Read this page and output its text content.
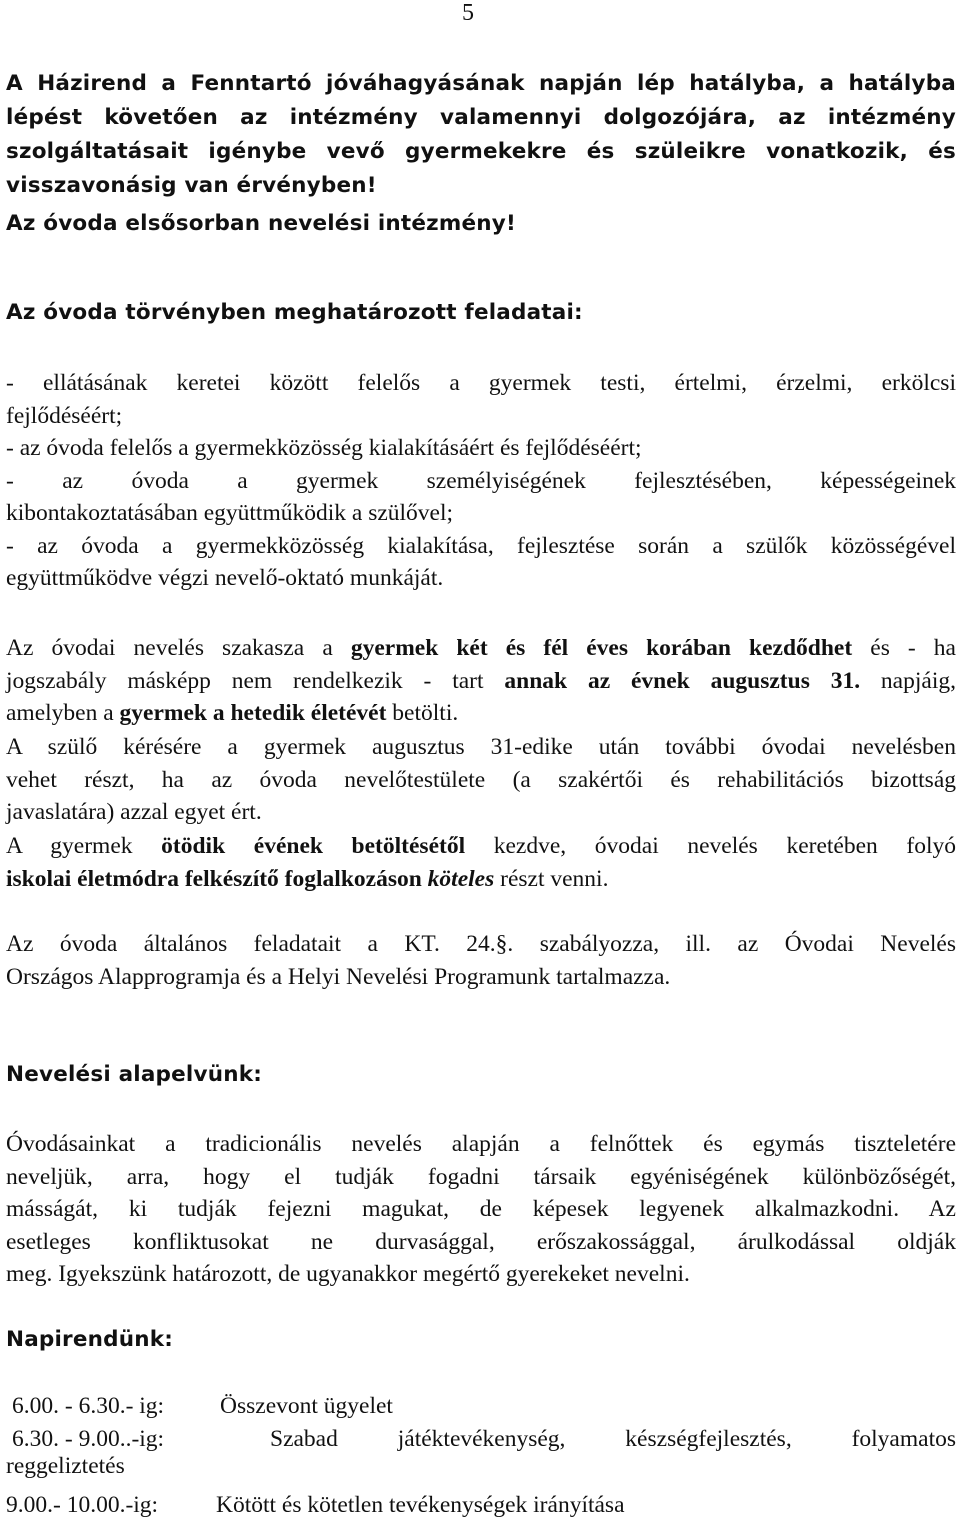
5
A Házirend a Fenntartó jóváhagyásának napján lép hatályba, a hatályba
lépést követően az intézmény valamennyi dolgozójára, az intézmény
szolgáltatásait igénybe vevő gyermekekre és szüleikre vonatkozik, és
visszavonásig van érvényben!
Az óvoda elsősorban nevelési intézmény!
Az óvoda törvényben meghatározott feladatai:
- ellátásának keretei között felelős a gyermek testi, értelmi, érzelmi, erkölcsi
fejlődéséért;
- az óvoda felelős a gyermekközösség kialakításáért és fejlődéséért;
- az óvoda a gyermek személyiségének fejlesztésében, képességeinek
kibontakoztatásában együttműködik a szülővel;
- az óvoda a gyermekközösség kialakítása, fejlesztése során a szülők közösségével
együttműködve végzi nevelő-oktató munkáját.
Az óvodai nevelés szakasza a gyermek két és fél éves korában kezdődhet és - ha
jogszabály másképp nem rendelkezik - tart annak az évnek augusztus 31. napjáig,
amelyben a gyermek a hetedik életévét betölti.
A szülő kérésére a gyermek augusztus 31-edike után további óvodai nevelésben
vehet részt, ha az óvoda nevelőtestülete (a szakértői és rehabilitációs bizottság
javaslatára) azzal egyet ért.
A gyermek ötödik évének betöltésétől kezdve, óvodai nevelés keretében folyó
iskolai életmódra felkészítő foglalkozáson köteles részt venni.
Az óvoda általános feladatait a KT. 24.§. szabályozza, ill. az Óvodai Nevelés
Országos Alapprogramja és a Helyi Nevelési Programunk tartalmazza.
Nevelési alapelvünk:
Óvodásainkat a tradicionális nevelés alapján a felnőttek és egymás tiszteletére
neveljük, arra, hogy el tudják fogadni társaik egyéniségének különbözőségét,
másságát, ki tudják fejezni magukat, de képesek legyenek alkalmazkodni. Az
esetleges konfliktusokat ne durvasággal, erőszakossággal, árulkodással oldják
meg. Igyekszünk határozott, de ugyanakkor megértő gyerekeket nevelni.
Napirendünk:
6.00. - 6.30.- ig: Összevont ügyelet
6.30. - 9.00..-ig:	Szabad játéktevékenység, készségfejlesztés, folyamatos
reggeliztetés
9.00.- 10.00.-ig: Kötött és kötetlen tevékenységek irányítása
